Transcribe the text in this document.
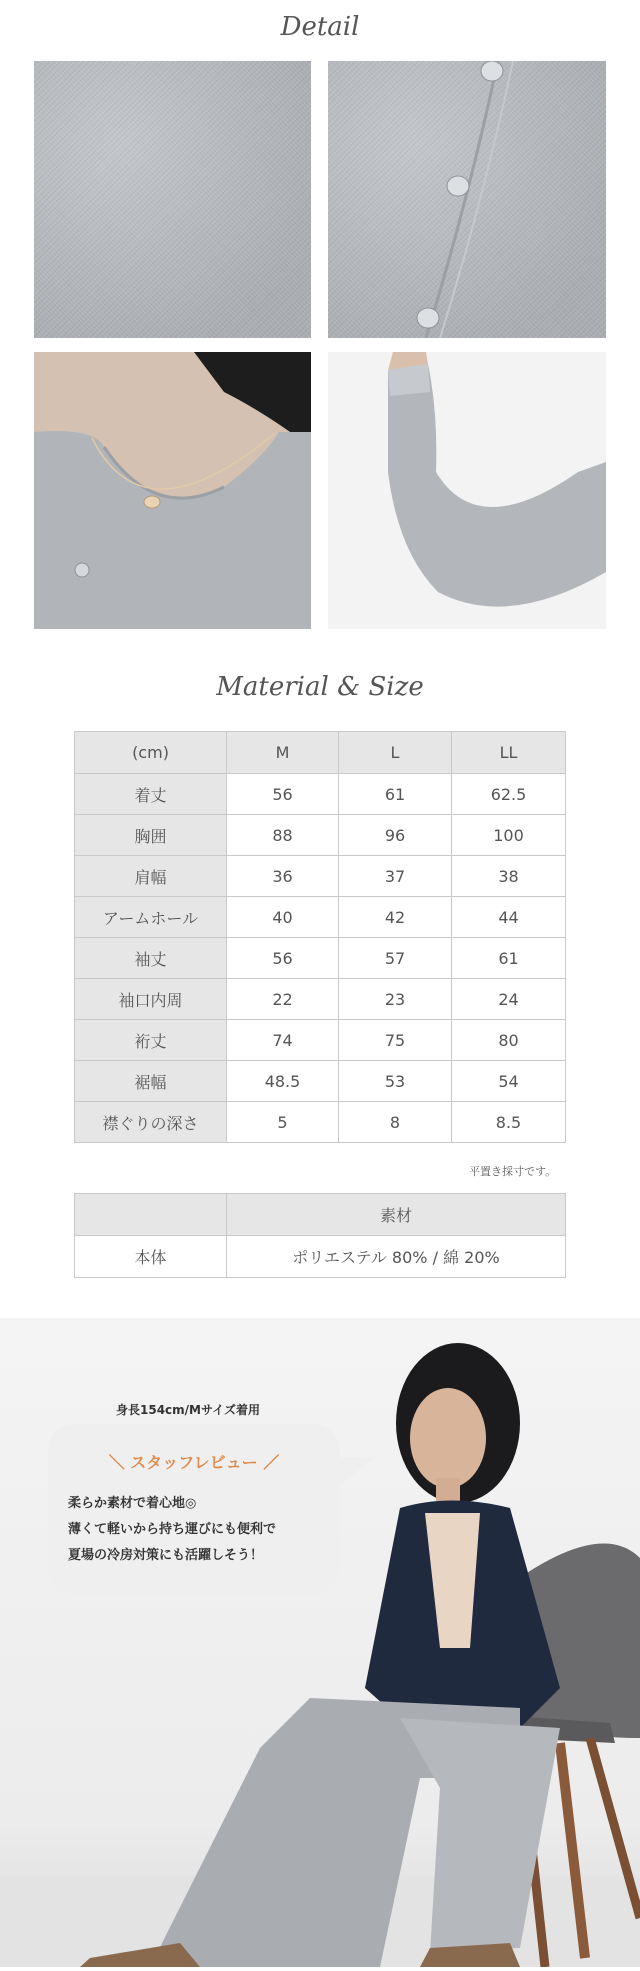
Detail
Material & Size
(cm)	M	L	LL
着丈	56	61	62.5
胸囲	88	96	100
肩幅	36	37	38
アームホール	40	42	44
袖丈	56	57	61
袖口内周	22	23	24
裄丈	74	75	80
裾幅	48.5	53	54
襟ぐりの深さ	5	8	8.5
平置き採寸です。
	素材
本体	ポリエステル 80% / 綿 20%
身長154cm/Mサイズ着用
＼ スタッフレビュー ／
柔らか素材で着心地◎
薄くて軽いから持ち運びにも便利で
夏場の冷房対策にも活躍しそう！
